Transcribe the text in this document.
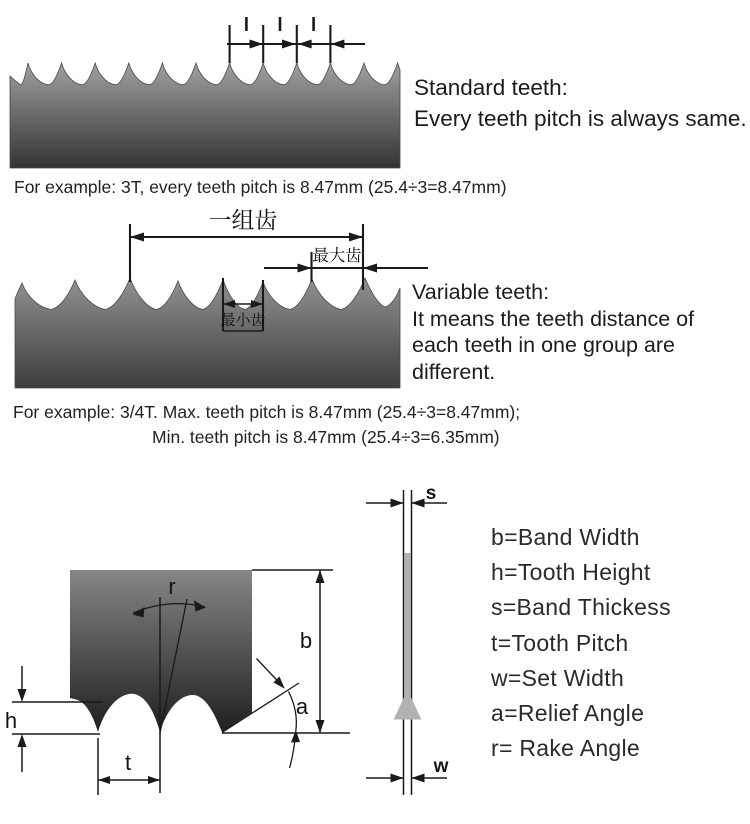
一组齿
最大齿
最小齿
r
b
a
h
t
s
w
Standard teeth:
Every teeth pitch is always same.
For example: 3T, every teeth pitch is 8.47mm (25.4÷3=8.47mm)
Variable teeth:
It means the teeth distance of
each teeth in one group are
different.
For example: 3/4T. Max. teeth pitch is 8.47mm (25.4÷3=8.47mm);
Min. teeth pitch is 8.47mm (25.4÷3=6.35mm)
b=Band Width
h=Tooth Height
s=Band Thickess
t=Tooth Pitch
w=Set Width
a=Relief Angle
r= Rake Angle
